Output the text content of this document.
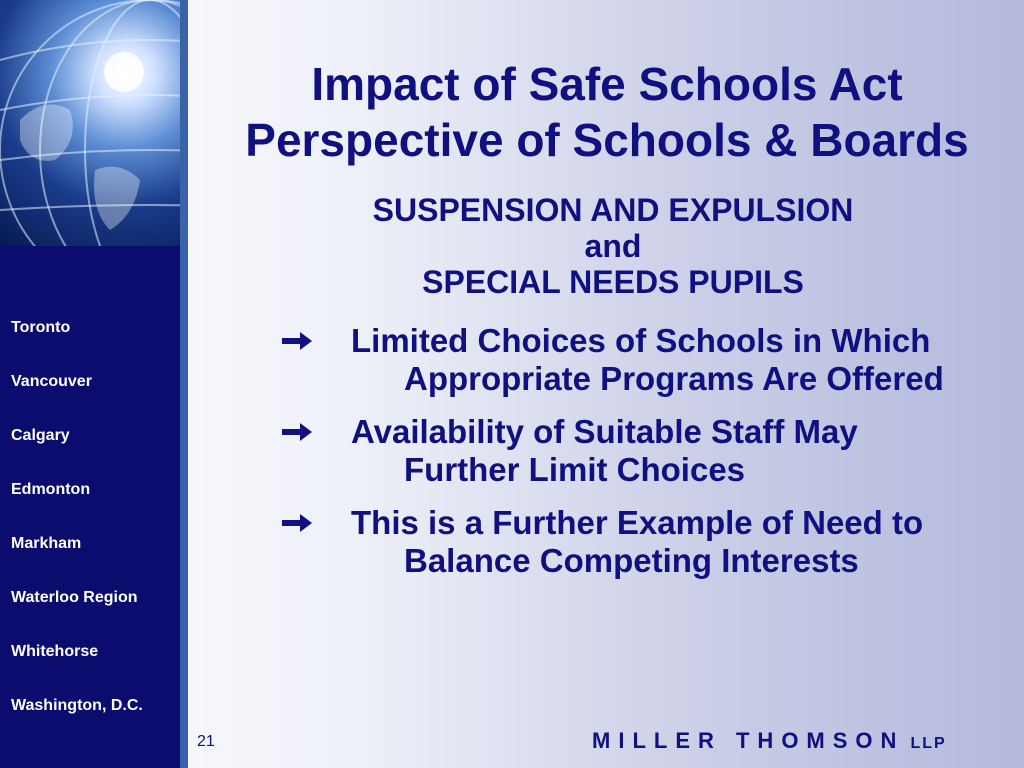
Toronto
Vancouver
Calgary
Edmonton
Markham
Waterloo Region
Whitehorse
Washington, D.C.
Impact of Safe Schools Act
Perspective of Schools & Boards
SUSPENSION AND EXPULSION
and
SPECIAL NEEDS PUPILS
Limited Choices of Schools in Which Appropriate Programs Are Offered
Availability of Suitable Staff May Further Limit Choices
This is a Further Example of Need to Balance Competing Interests
21	MILLER THOMSON LLP
